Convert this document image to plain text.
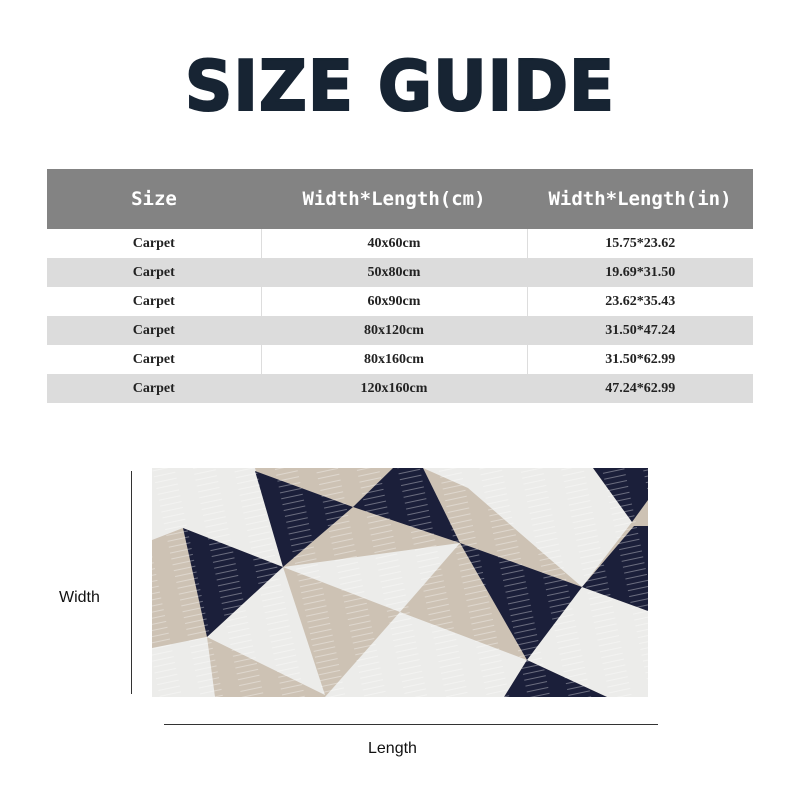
SIZE GUIDE
Size	Width*Length(cm)	Width*Length(in)
Carpet	40x60cm	15.75*23.62
Carpet	50x80cm	19.69*31.50
Carpet	60x90cm	23.62*35.43
Carpet	80x120cm	31.50*47.24
Carpet	80x160cm	31.50*62.99
Carpet	120x160cm	47.24*62.99
Width
Length
